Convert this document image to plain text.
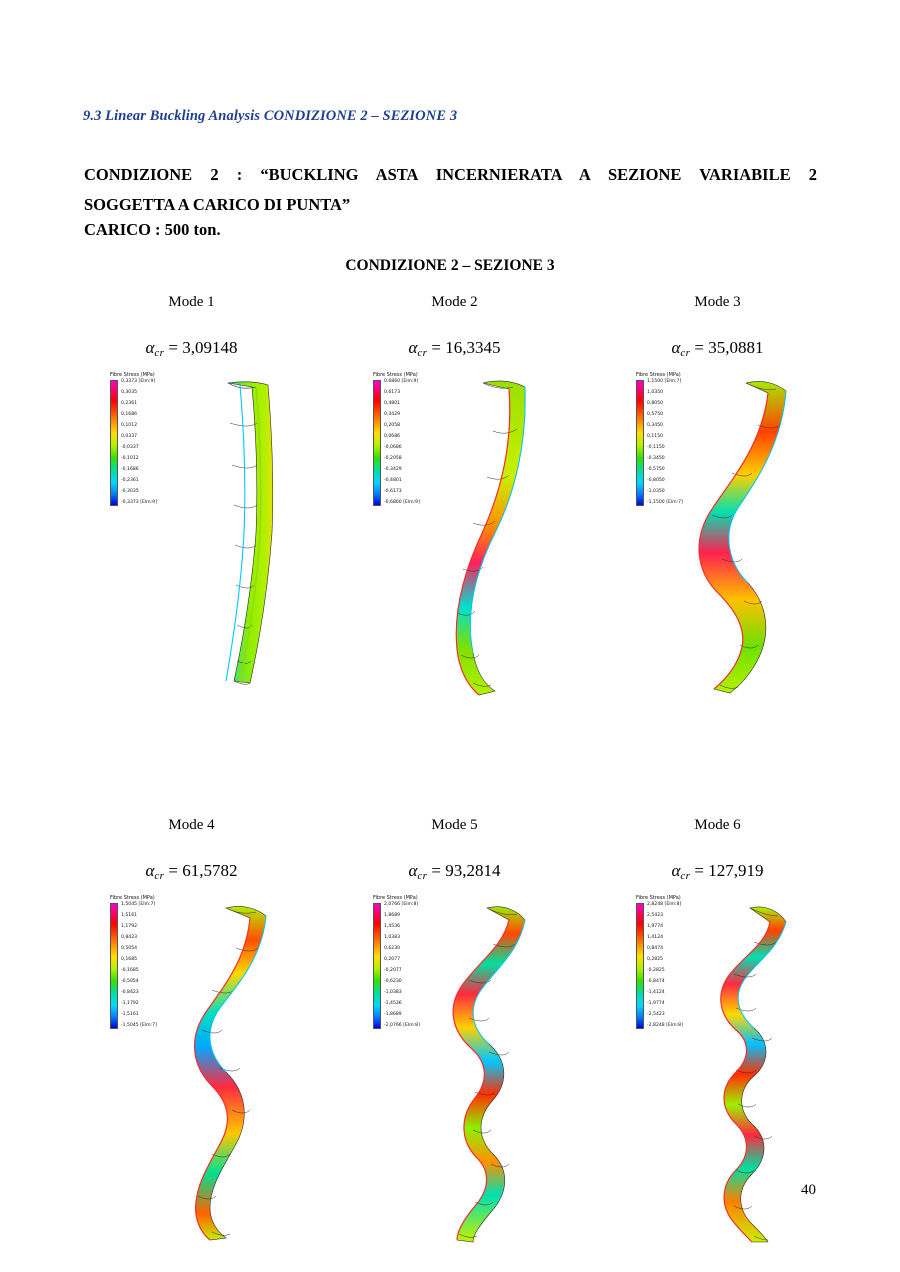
9.3 Linear Buckling Analysis CONDIZIONE 2 – SEZIONE 3
CONDIZIONE 2 : “BUCKLING ASTA INCERNIERATA A SEZIONE VARIABILE 2
SOGGETTA A CARICO DI PUNTA”
CARICO : 500 ton.
CONDIZIONE 2 – SEZIONE 3
Mode 1
$\alpha_{cr} = 3,09148$
Fibre Stress (MPa)
0,3373 [Elm:9]
0,3035
0,2361
0,1686
0,1012
0,0337
-0,0337
-0,1012
-0,1686
-0,2361
-0,3035
-0,3373 [Elm:9]
Mode 2
$\alpha_{cr} = 16,3345$
Fibre Stress (MPa)
0,6860 [Elm:9]
0,6173
0,4801
0,3429
0,2058
0,0686
-0,0686
-0,2058
-0,3429
-0,4801
-0,6173
-0,6860 [Elm:9]
Mode 3
$\alpha_{cr} = 35,0881$
Fibre Stress (MPa)
1,1500 [Elm:7]
1,0350
0,8050
0,5750
0,3450
0,1150
-0,1150
-0,3450
-0,5750
-0,8050
-1,0350
-1,1500 [Elm:7]
Mode 4
$\alpha_{cr} = 61,5782$
Fibre Stress (MPa)
1,5045 [Elm:7]
1,5161
1,1792
0,8423
0,5054
0,1685
-0,1685
-0,5054
-0,8423
-1,1792
-1,5161
-1,5045 [Elm:7]
Mode 5
$\alpha_{cr} = 93,2814$
Fibre Stress (MPa)
2,0766 [Elm:8]
1,8689
1,4536
1,0383
0,6230
0,2077
-0,2077
-0,6230
-1,0383
-1,4536
-1,8689
-2,0766 [Elm:8]
Mode 6
$\alpha_{cr} = 127,919$
Fibre Stress (MPa)
2,8248 [Elm:8]
2,5423
1,9774
1,4124
0,8474
0,2825
-0,2825
-0,8474
-1,4124
-1,9774
-2,5423
-2,8248 [Elm:8]
40
